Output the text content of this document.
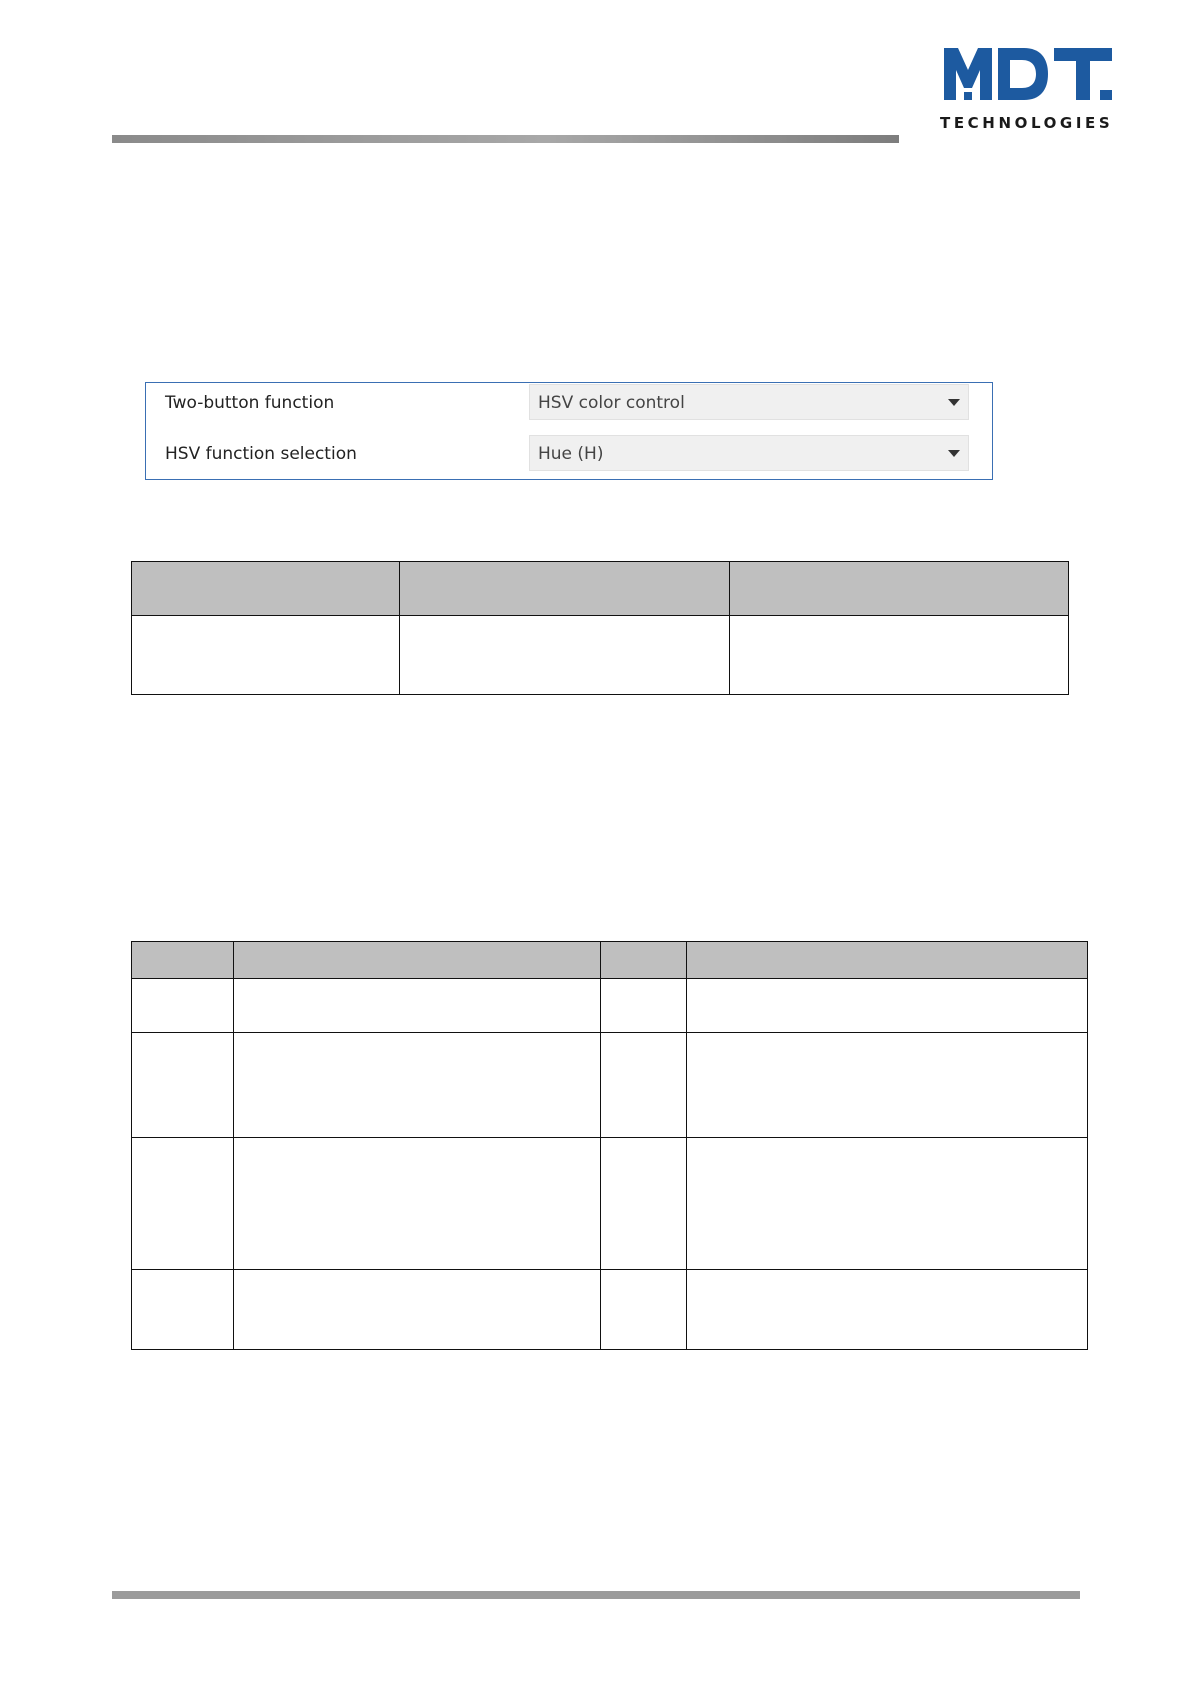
TECHNOLOGIES
Two-button function	HSV color control
HSV function selection	Hue (H)
